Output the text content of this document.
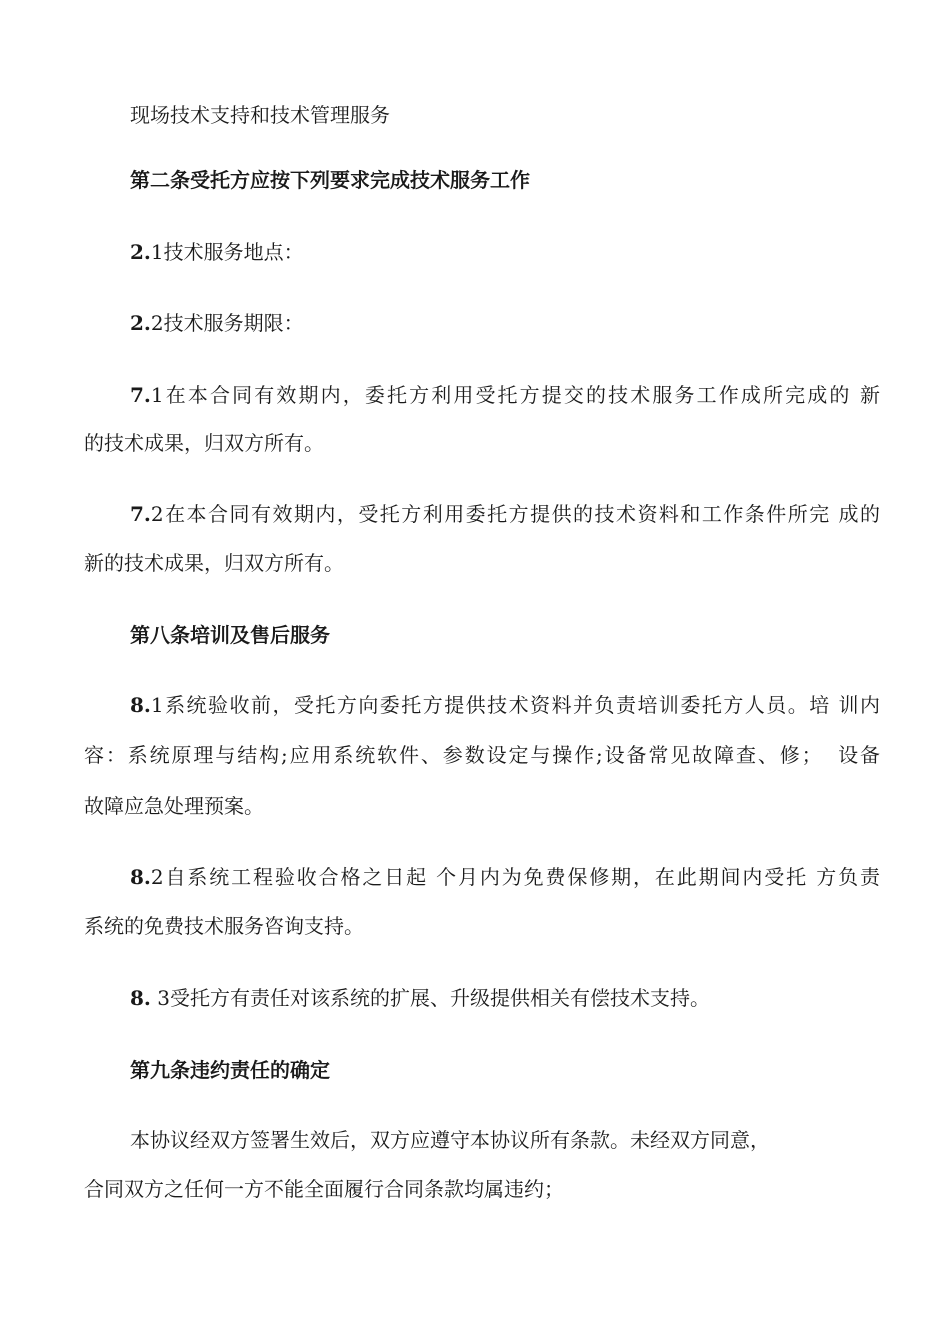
现场技术支持和技术管理服务

第二条受托方应按下列要求完成技术服务工作

2.1技术服务地点：

2.2技术服务期限：

7.1在本合同有效期内，委托方利用受托方提交的技术服务工作成所完成的 新

的技术成果，归双方所有。

7.2在本合同有效期内，受托方利用委托方提供的技术资料和工作条件所完 成的

新的技术成果，归双方所有。

第八条培训及售后服务

8.1系统验收前，受托方向委托方提供技术资料并负责培训委托方人员。培 训内

容：系统原理与结构;应用系统软件、参数设定与操作;设备常见故障查、修；  设备

故障应急处理预案。

8.2自系统工程验收合格之日起 个月内为免费保修期，在此期间内受托 方负责

系统的免费技术服务咨询支持。

8. 3受托方有责任对该系统的扩展、升级提供相关有偿技术支持。

第九条违约责任的确定

本协议经双方签署生效后，双方应遵守本协议所有条款。未经双方同意，

合同双方之任何一方不能全面履行合同条款均属违约；
